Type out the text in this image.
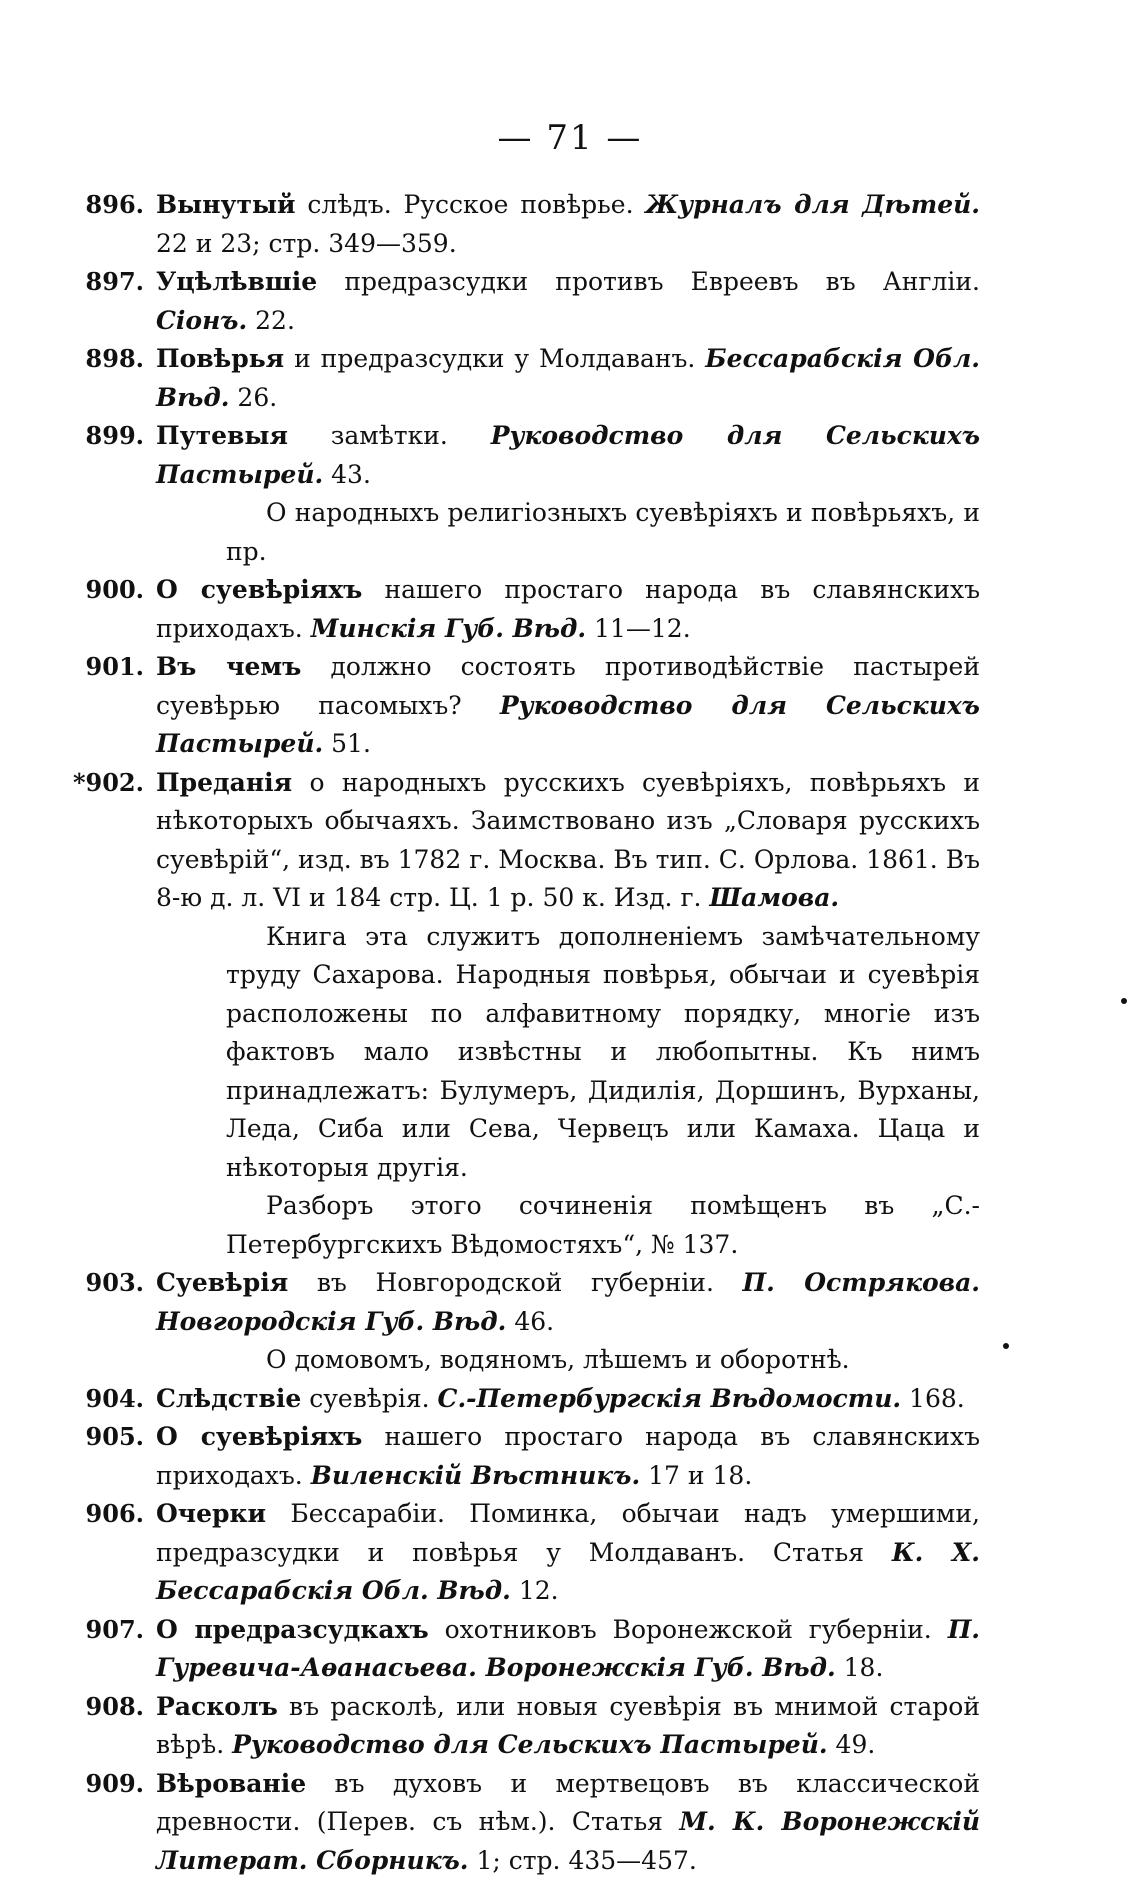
— 71 —
896. Вынутый слѣдъ. Русское повѣрье. Журналъ для Дѣтей. 22 и 23; стр. 349—359.
897. Уцѣлѣвшіе предразсудки противъ Евреевъ въ Англіи. Сіонъ. 22.
898. Повѣрья и предразсудки у Молдаванъ. Бессарабскія Обл. Вѣд. 26.
899. Путевыя замѣтки. Руководство для Сельскихъ Пастырей. 43.
О народныхъ религіозныхъ суевѣріяхъ и повѣрьяхъ, и пр.
900. О суевѣріяхъ нашего простаго народа въ славянскихъ приходахъ. Минскія Губ. Вѣд. 11—12.
901. Въ чемъ должно состоять противодѣйствіе пастырей суевѣрью пасомыхъ? Руководство для Сельскихъ Пастырей. 51.
*902. Преданія о народныхъ русскихъ суевѣріяхъ, повѣрьяхъ и нѣкоторыхъ обычаяхъ. Заимствовано изъ „Словаря русскихъ суевѣрій“, изд. въ 1782 г. Москва. Въ тип. С. Орлова. 1861. Въ 8-ю д. л. VI и 184 стр. Ц. 1 р. 50 к. Изд. г. Шамова.
Книга эта служитъ дополненіемъ замѣчательному труду Сахарова. Народныя повѣрья, обычаи и суевѣрія расположены по алфавитному порядку, многіе изъ фактовъ мало извѣстны и любопытны. Къ нимъ принадлежатъ: Булумеръ, Дидилія, Доршинъ, Вурханы, Леда, Сиба или Сева, Червецъ или Камаха. Цаца и нѣкоторыя другія.
Разборъ этого сочиненія помѣщенъ въ „С.-Петербургскихъ Вѣдомостяхъ“, № 137.
903. Суевѣрія въ Новгородской губерніи. П. Острякова. Новгородскія Губ. Вѣд. 46.
О домовомъ, водяномъ, лѣшемъ и оборотнѣ.
904. Слѣдствіе суевѣрія. С.-Петербургскія Вѣдомости. 168.
905. О суевѣріяхъ нашего простаго народа въ славянскихъ приходахъ. Виленскій Вѣстникъ. 17 и 18.
906. Очерки Бессарабіи. Поминка, обычаи надъ умершими, предразсудки и повѣрья у Молдаванъ. Статья К. Х. Бессарабскія Обл. Вѣд. 12.
907. О предразсудкахъ охотниковъ Воронежской губерніи. П. Гуревича-Аѳанасьева. Воронежскія Губ. Вѣд. 18.
908. Расколъ въ расколѣ, или новыя суевѣрія въ мнимой старой вѣрѣ. Руководство для Сельскихъ Пастырей. 49.
909. Вѣрованіе въ духовъ и мертвецовъ въ классической древности. (Перев. съ нѣм.). Статья М. К. Воронежскій Литерат. Сборникъ. 1; стр. 435—457.
